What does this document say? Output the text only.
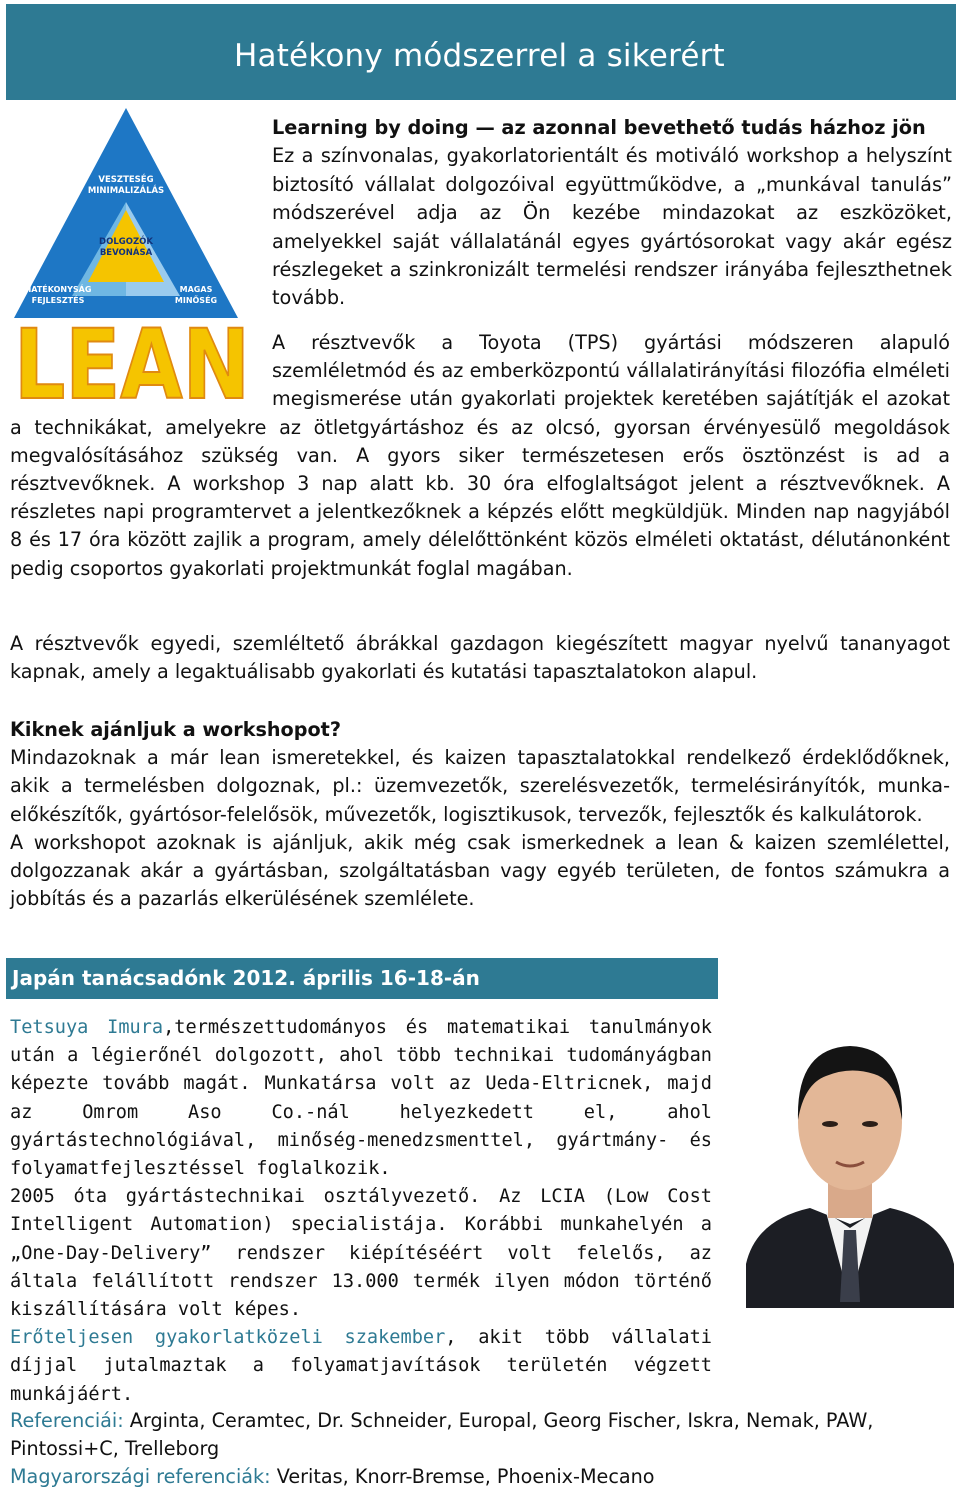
Hatékony módszerrel a sikerért
VESZTESÉG MINIMALIZÁLÁS
DOLGOZÓK BEVONÁSA
HATÉKONYSÁG FEJLESZTÉS
MAGAS MINŐSÉG
LEAN

Learning by doing — az azonnal bevethető tudás házhoz jön
Ez a színvonalas, gyakorlatorientált és motiváló workshop a helyszínt biztosító vállalat dolgozóival együttműködve, a „munkával tanulás” módszerével adja az Ön kezébe mindazokat az eszközöket, amelyekkel saját vállalatánál egyes gyártósorokat vagy akár egész részlegeket a szinkronizált termelési rendszer irányába fejleszthetnek tovább.

A résztvevők a Toyota (TPS) gyártási módszeren alapuló szemléletmód és az emberközpontú vállalatirányítási filozófia elméleti megismerése után gyakorlati projektek keretében sajátítják el azokat a technikákat, amelyekre az ötletgyártáshoz és az olcsó, gyorsan érvényesülő megoldások megvalósításához szükség van. A gyors siker természetesen erős ösztönzést is ad a résztvevőknek. A workshop 3 nap alatt kb. 30 óra elfoglaltságot jelent a résztvevőknek. A részletes napi programtervet a jelentkezőknek a képzés előtt megküldjük. Minden nap nagyjából 8 és 17 óra között zajlik a program, amely délelőttönként közös elméleti oktatást, délutánonként pedig csoportos gyakorlati projektmunkát foglal magában.

A résztvevők egyedi, szemléltető ábrákkal gazdagon kiegészített magyar nyelvű tananyagot kapnak, amely a legaktuálisabb gyakorlati és kutatási tapasztalatokon alapul.

Kiknek ajánljuk a workshopot?

Mindazoknak a már lean ismeretekkel, és kaizen tapasztalatokkal rendelkező érdeklődőknek, akik a termelésben dolgoznak, pl.: üzemvezetők, szerelésvezetők, termelésirányítók, munka-előkészítők, gyártósor-felelősök, művezetők, logisztikusok, tervezők, fejlesztők és kalkulátorok.

A workshopot azoknak is ajánljuk, akik még csak ismerkednek a lean & kaizen szemlélettel, dolgozzanak akár a gyártásban, szolgáltatásban vagy egyéb területen, de fontos számukra a jobbítás és a pazarlás elkerülésének szemlélete.

Japán tanácsadónk 2012. április 16-18-án

Tetsuya Imura,természettudományos és matematikai tanulmányok után a légierőnél dolgozott, ahol több technikai tudományágban képezte tovább magát. Munkatársa volt az Ueda-Eltricnek, majd az Omrom Aso Co.-nál helyezkedett el, ahol gyártástechnológiával, minőség-menedzsmenttel, gyártmány- és folyamatfejlesztéssel foglalkozik.

2005 óta gyártástechnikai osztályvezető. Az LCIA (Low Cost Intelligent Automation) specialistája. Korábbi munkahelyén a „One-Day-Delivery” rendszer kiépítéséért volt felelős, az általa felállított rendszer 13.000 termék ilyen módon történő kiszállítására volt képes.

Erőteljesen gyakorlatközeli szakember, akit több vállalati díjjal jutalmaztak a folyamatjavítások területén végzett munkájáért.

Referenciái: Arginta, Ceramtec, Dr. Schneider, Europal, Georg Fischer, Iskra, Nemak, PAW, Pintossi+C, Trelleborg

Magyarországi referenciák: Veritas, Knorr-Bremse, Phoenix-Mecano
